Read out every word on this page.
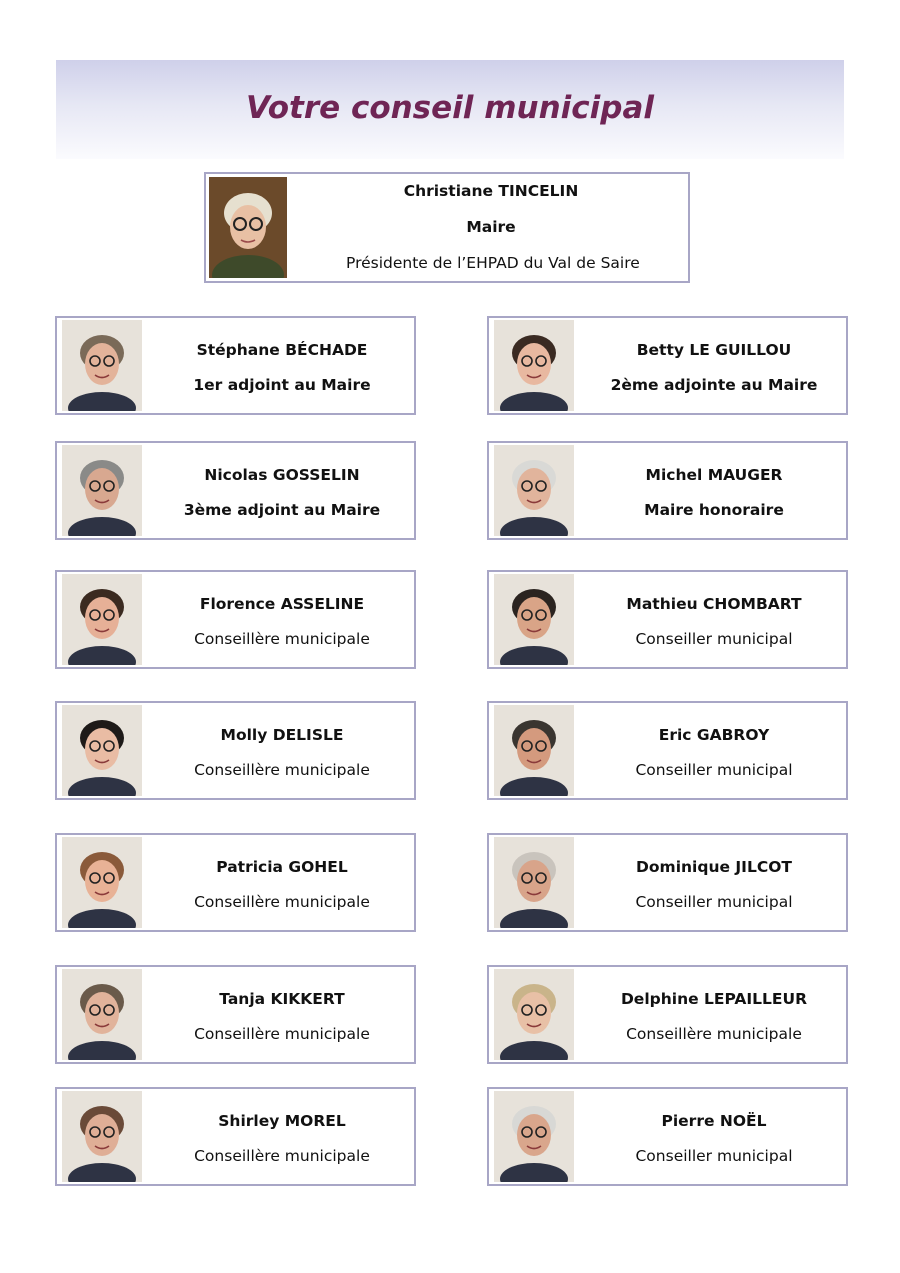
Votre conseil municipal
Christiane TINCELIN
Maire
Présidente de l’EHPAD du Val de Saire
Stéphane BÉCHADE
1er adjoint au Maire
Betty LE GUILLOU
2ème adjointe au Maire
Nicolas GOSSELIN
3ème adjoint au Maire
Michel MAUGER
Maire honoraire
Florence ASSELINE
Conseillère municipale
Mathieu CHOMBART
Conseiller municipal
Molly DELISLE
Conseillère municipale
Eric GABROY
Conseiller municipal
Patricia GOHEL
Conseillère municipale
Dominique JILCOT
Conseiller municipal
Tanja KIKKERT
Conseillère municipale
Delphine LEPAILLEUR
Conseillère municipale
Shirley MOREL
Conseillère municipale
Pierre NOËL
Conseiller municipal
